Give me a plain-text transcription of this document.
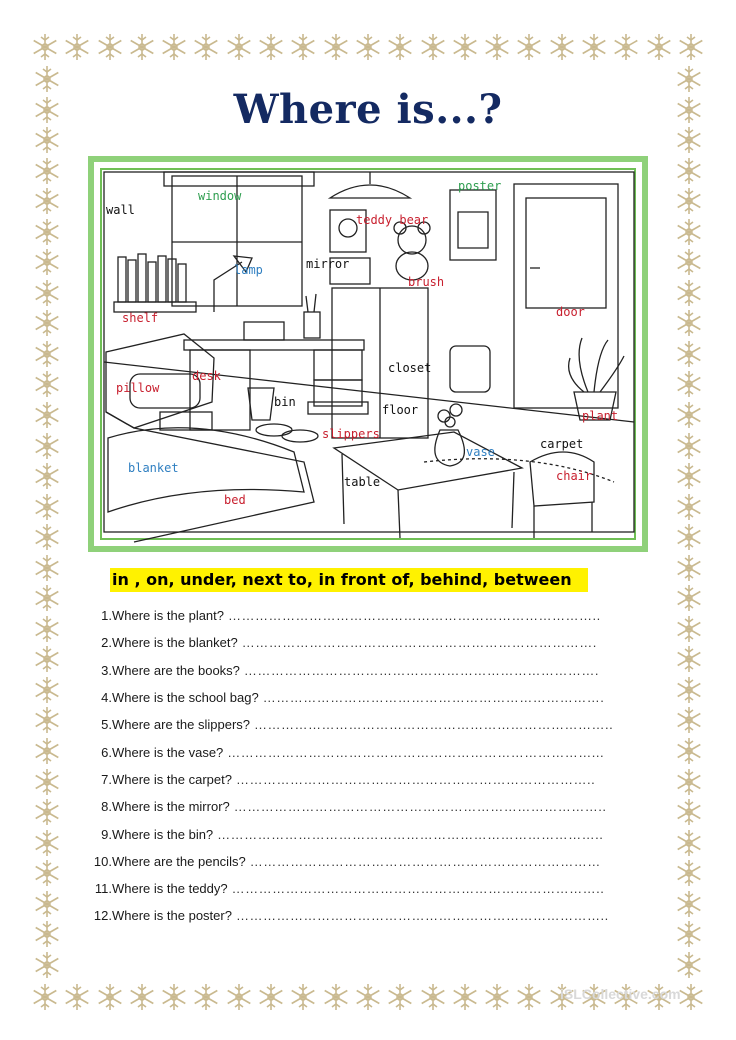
Where is...?
wall
window
poster
teddy bear
lamp	mirror
brush
shelf	door
closet
desk
pillow
bin
floor
slippers
plant
vase
carpet
blanket
table	chair
bed
in , on, under, next to, in front of, behind, between
1. Where is the plant? ………………………………………………………………………..
2. Where is the blanket? …………………………………………………………………….
3. Where are the books? …………………………………………………………………….
4. Where is the school bag? ………………………………………………………………….
5. Where are the slippers? ……………………………………………………………………..
6. Where is the vase? ………………………………………………………………………...
7. Where is the carpet? ……………………………………………………………………..
8. Where is the mirror? ………………………………………………………………………..
9. Where is the bin? …………………………………………………………………………..
10. Where are the pencils? ……………………………………………………………………
11. Where is the teddy? ………………………………………………………………………..
12. Where is the poster? ………………………………………………………………………..
iSLCollective.com
